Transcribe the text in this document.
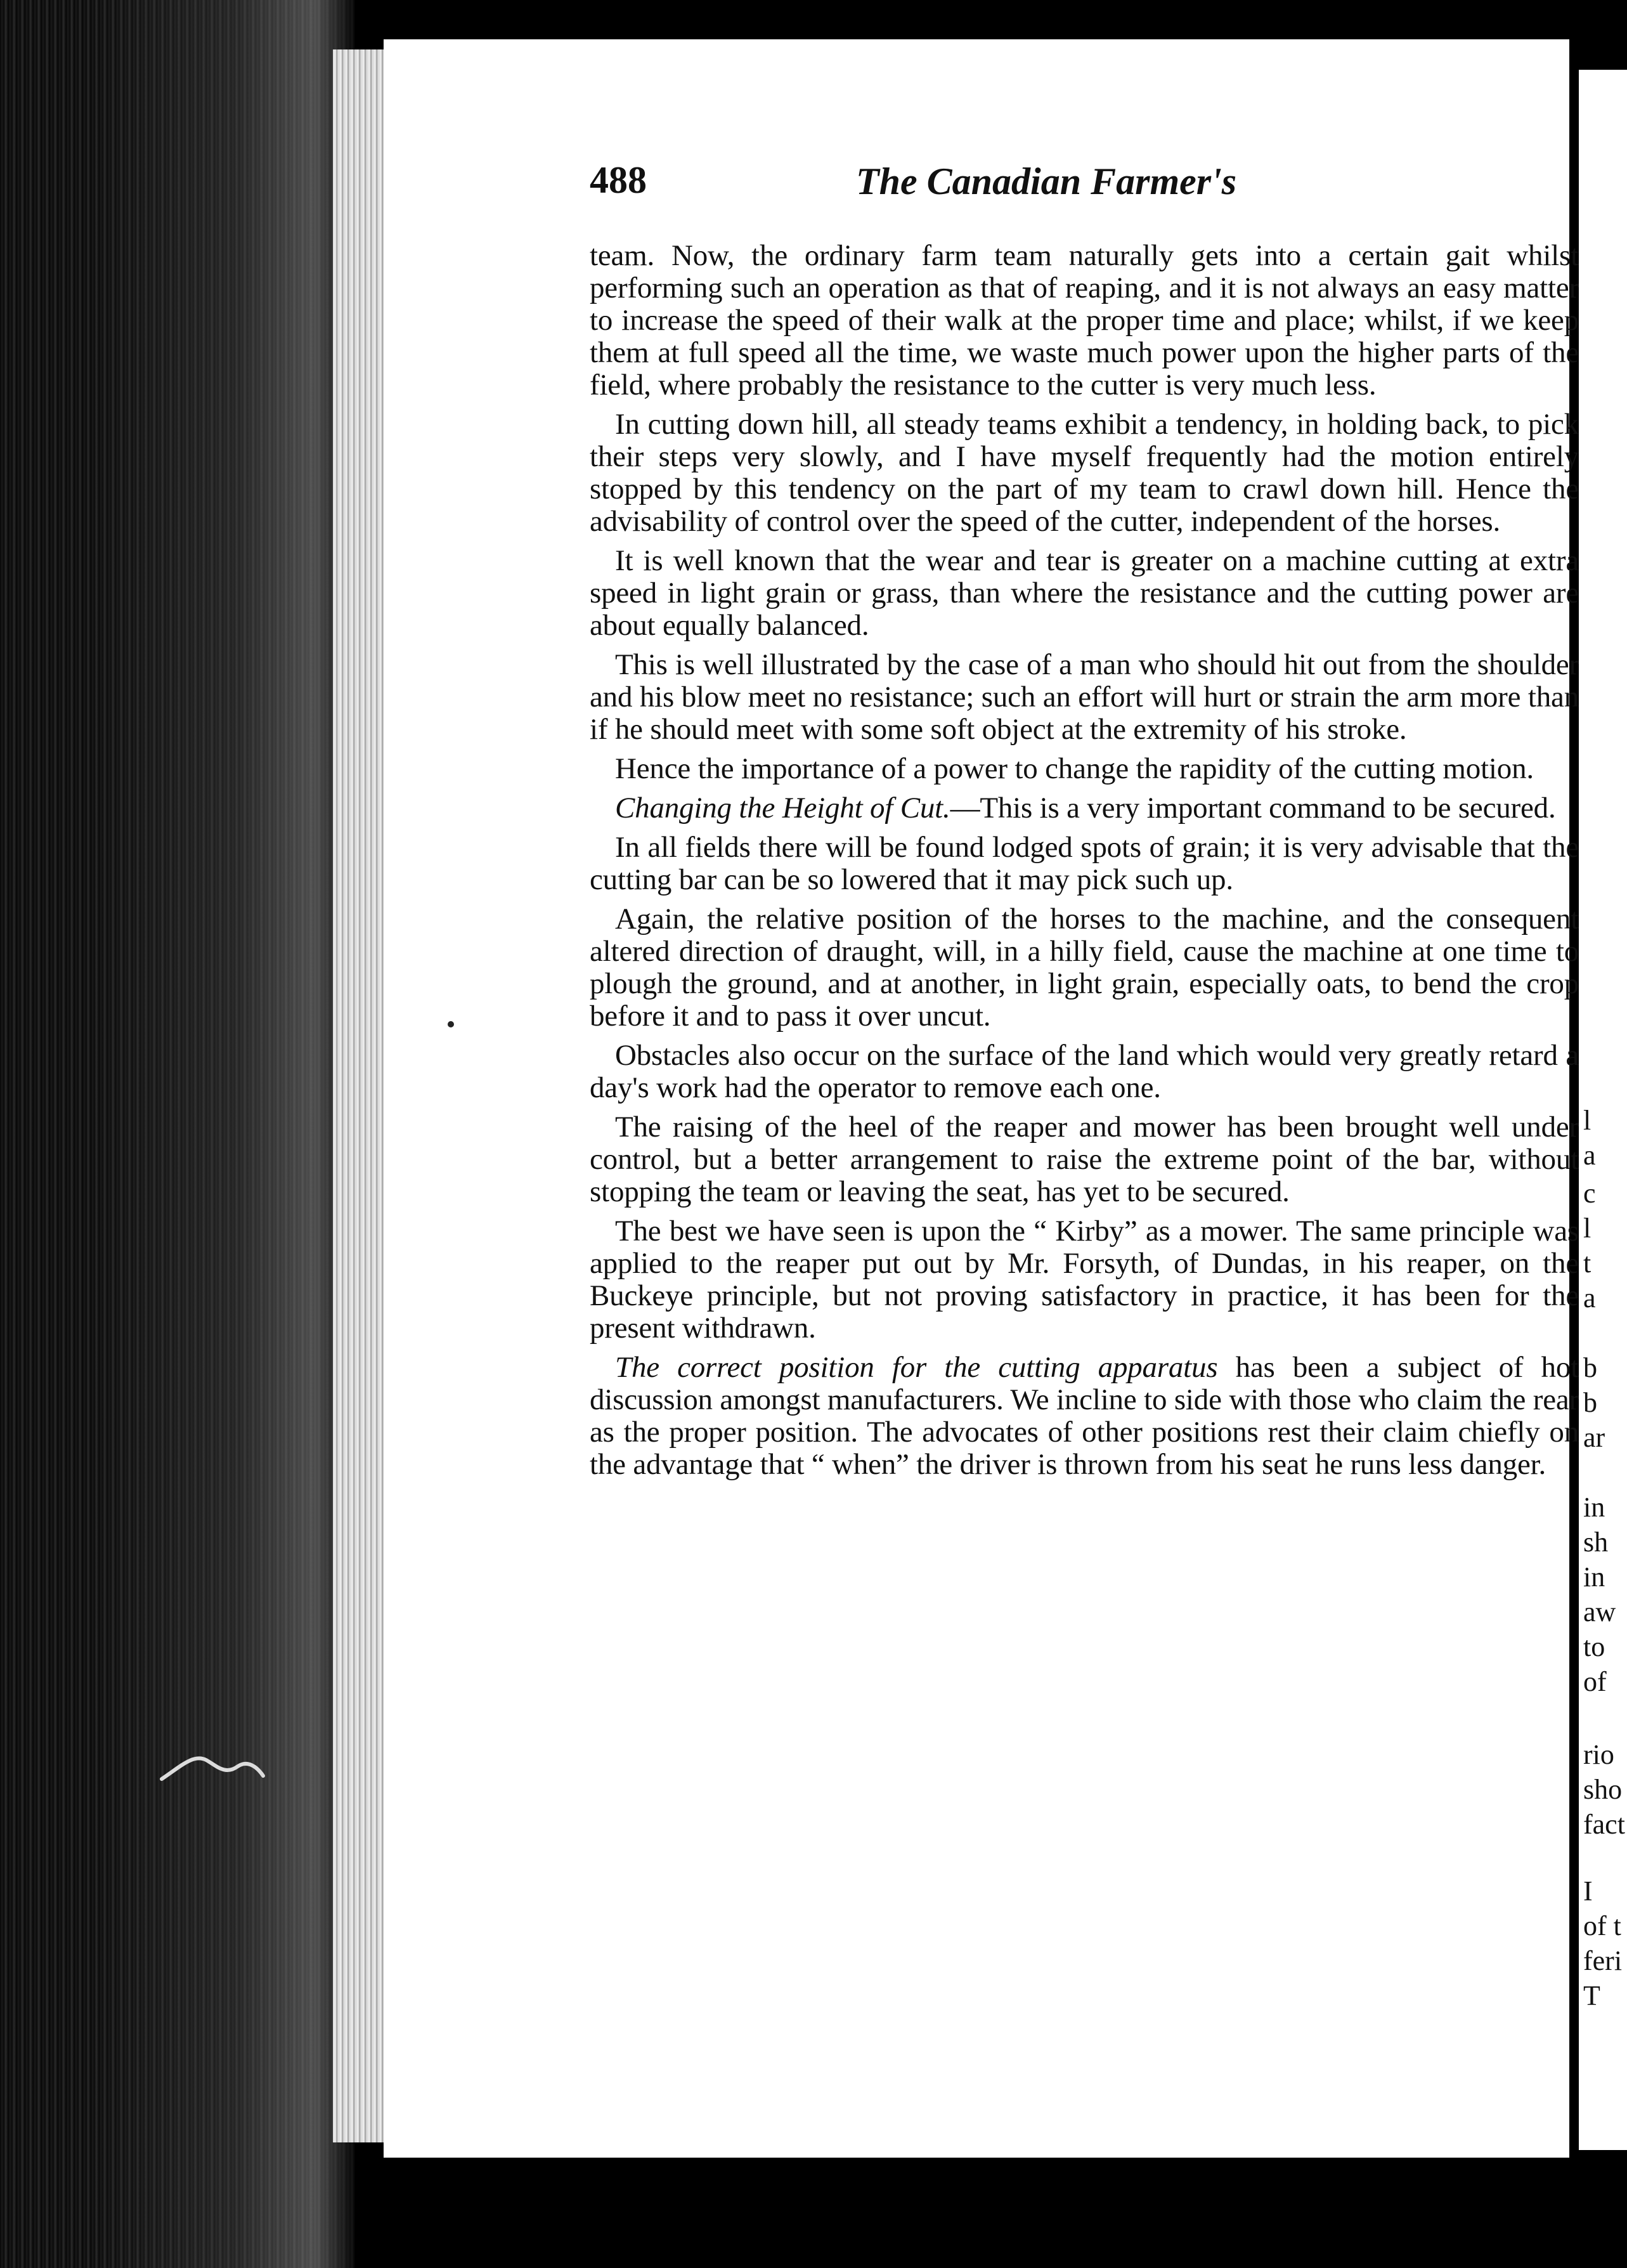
488	The Canadian Farmer's

team. Now, the ordinary farm team naturally gets into a certain gait whilst performing such an operation as that of reaping, and it is not always an easy matter to increase the speed of their walk at the proper time and place; whilst, if we keep them at full speed all the time, we waste much power upon the higher parts of the field, where probably the resistance to the cutter is very much less.

In cutting down hill, all steady teams exhibit a tendency, in holding back, to pick their steps very slowly, and I have myself frequently had the motion entirely stopped by this tendency on the part of my team to crawl down hill. Hence the advisability of control over the speed of the cutter, independent of the horses.

It is well known that the wear and tear is greater on a machine cutting at extra speed in light grain or grass, than where the resistance and the cutting power are about equally balanced.

This is well illustrated by the case of a man who should hit out from the shoulder and his blow meet no resistance; such an effort will hurt or strain the arm more than if he should meet with some soft object at the extremity of his stroke.

Hence the importance of a power to change the rapidity of the cutting motion.

Changing the Height of Cut.—This is a very important command to be secured.

In all fields there will be found lodged spots of grain; it is very advisable that the cutting bar can be so lowered that it may pick such up.

Again, the relative position of the horses to the machine, and the consequent altered direction of draught, will, in a hilly field, cause the machine at one time to plough the ground, and at another, in light grain, especially oats, to bend the crop before it and to pass it over uncut.

Obstacles also occur on the surface of the land which would very greatly retard a day's work had the operator to remove each one.

The raising of the heel of the reaper and mower has been brought well under control, but a better arrangement to raise the extreme point of the bar, without stopping the team or leaving the seat, has yet to be secured.

The best we have seen is upon the “ Kirby” as a mower. The same principle was applied to the reaper put out by Mr. Forsyth, of Dundas, in his reaper, on the Buckeye principle, but not proving satisfactory in practice, it has been for the present withdrawn.

The correct position for the cutting apparatus has been a subject of hot discussion amongst manufacturers. We incline to side with those who claim the rear as the proper position. The advocates of other positions rest their claim chiefly on the advantage that “ when” the driver is thrown from his seat he runs less danger.

l
a
c
l
t
a
b
b
ar
in
sh
in
aw
to
of
rio
sho
fact
I
of t
feri
T
